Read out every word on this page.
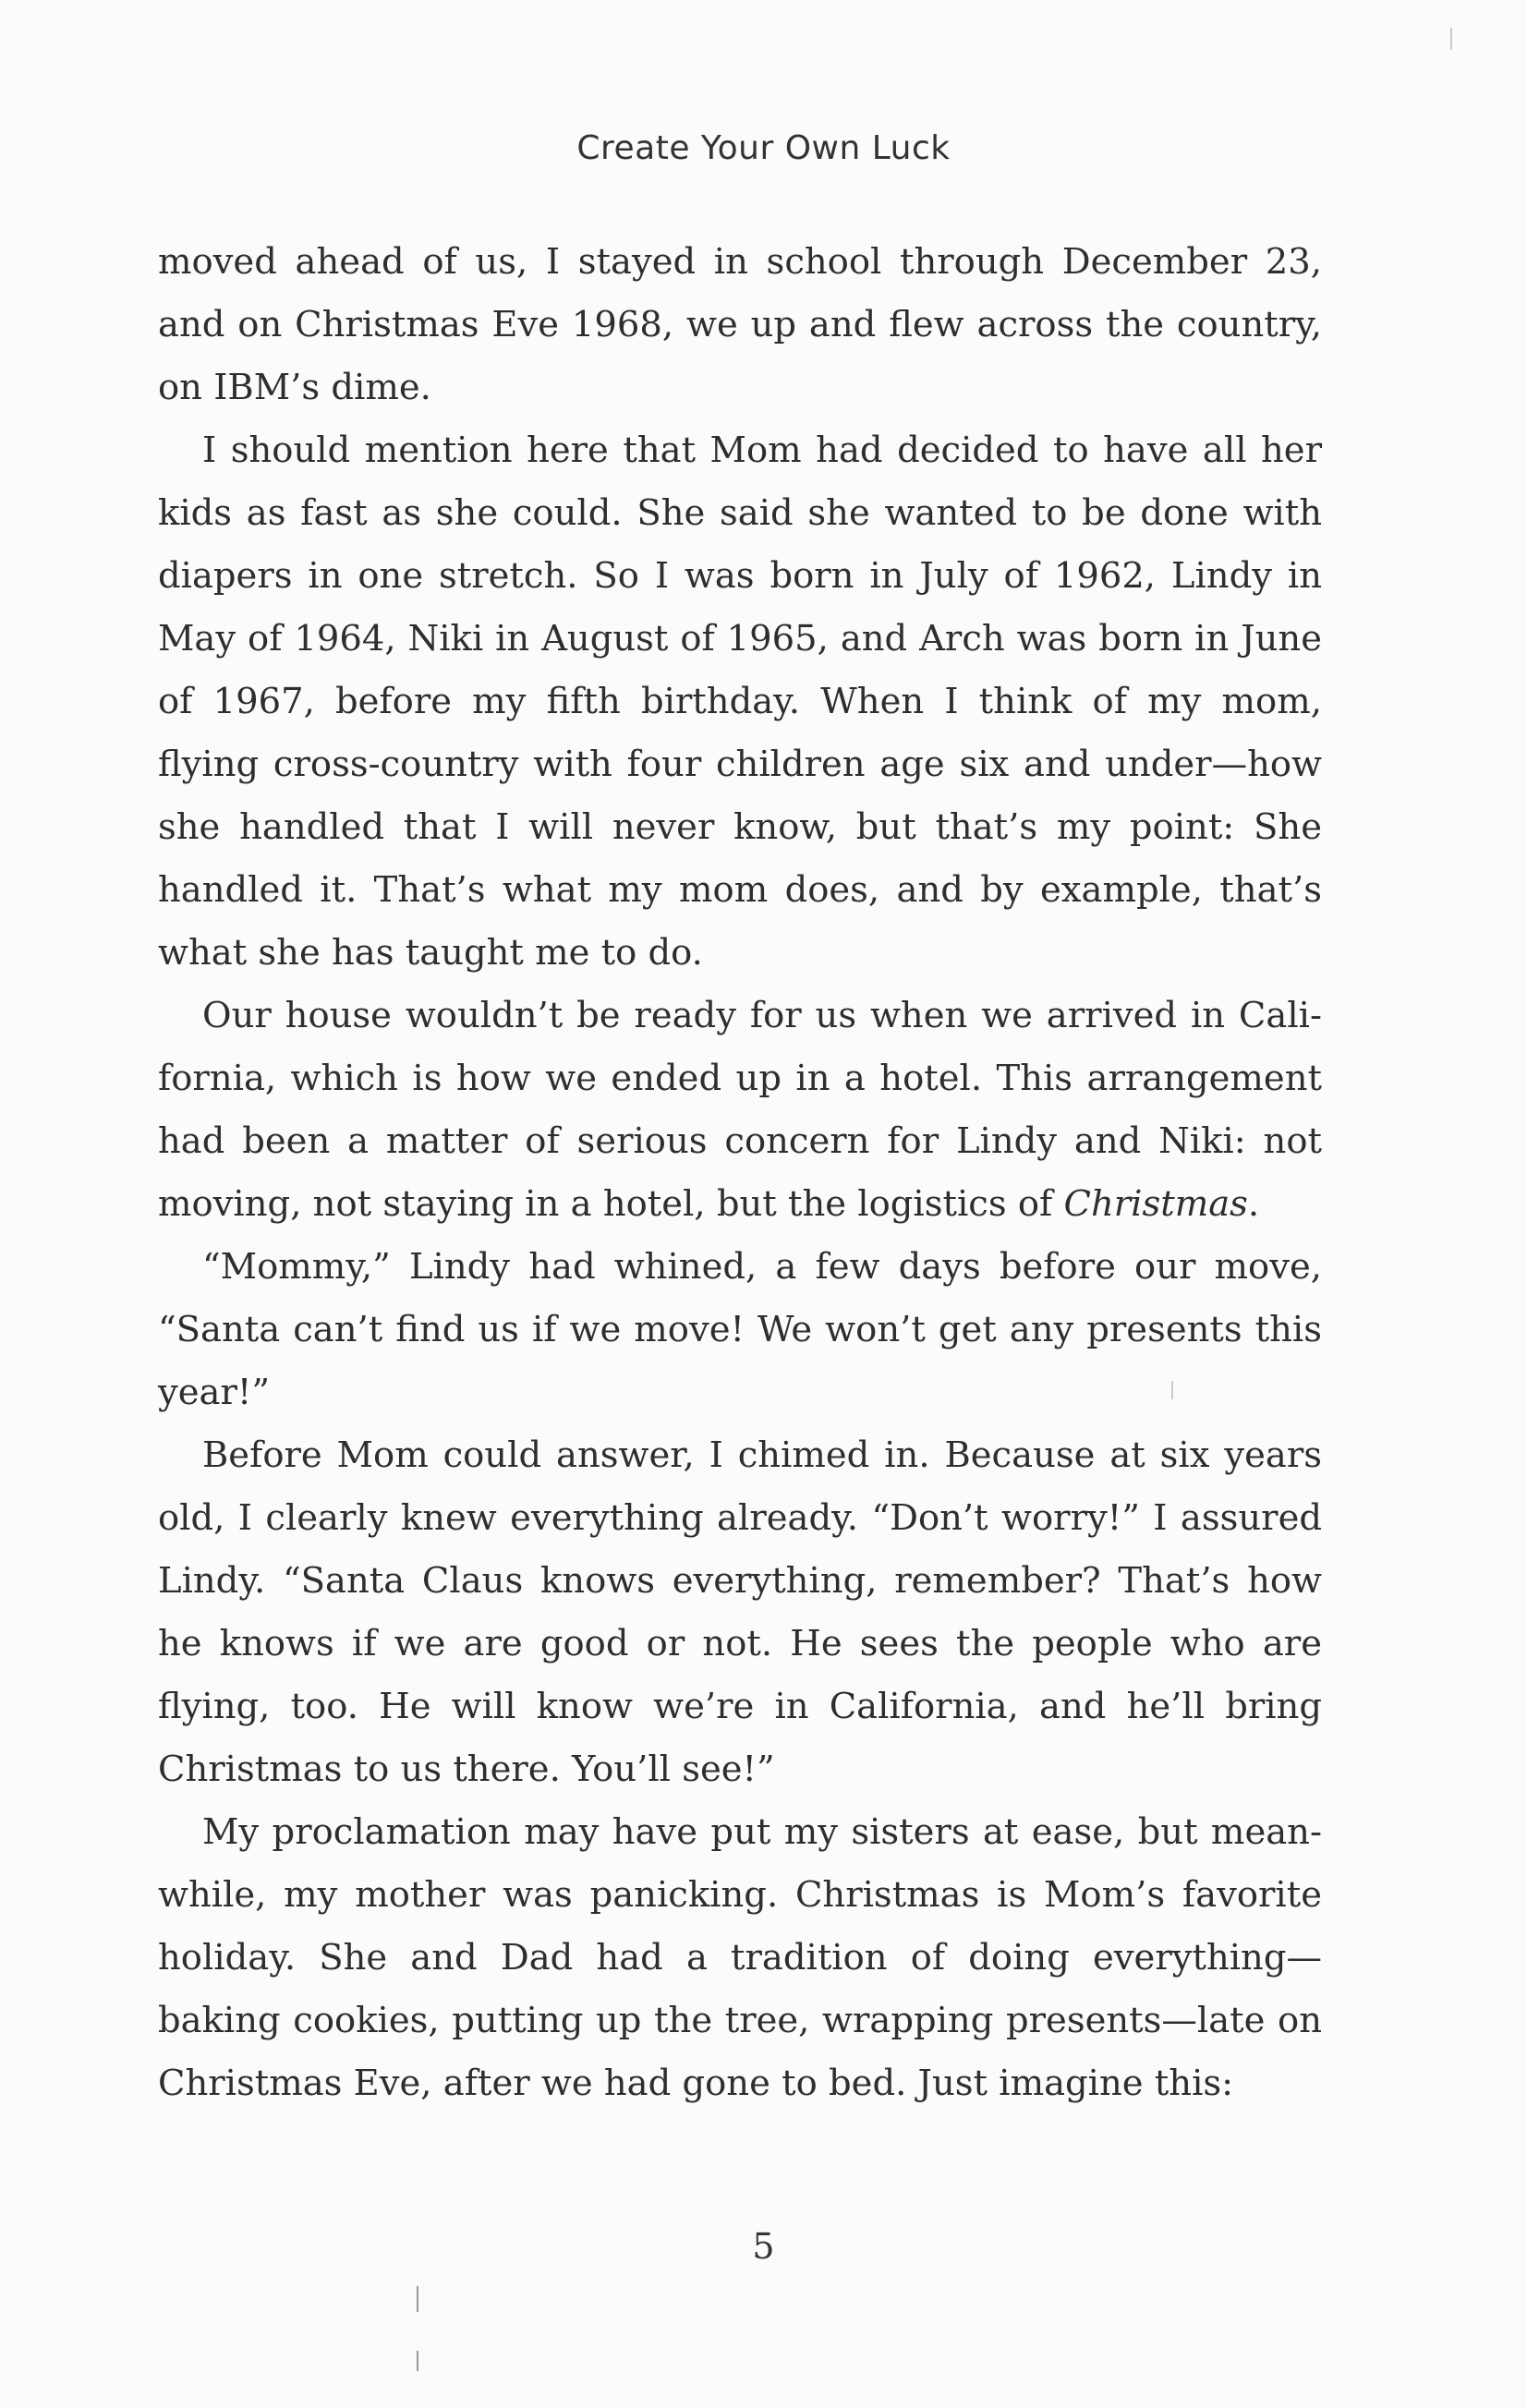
Create Your Own Luck

moved ahead of us, I stayed in school through December 23, and on Christmas Eve 1968, we up and flew across the country, on IBM’s dime.

I should mention here that Mom had decided to have all her kids as fast as she could. She said she wanted to be done with diapers in one stretch. So I was born in July of 1962, Lindy in May of 1964, Niki in August of 1965, and Arch was born in June of 1967, before my fifth birthday. When I think of my mom, flying cross-country with four children age six and under—how she handled that I will never know, but that’s my point: She handled it. That’s what my mom does, and by example, that’s what she has taught me to do.

Our house wouldn’t be ready for us when we arrived in California, which is how we ended up in a hotel. This arrangement had been a matter of serious concern for Lindy and Niki: not moving, not staying in a hotel, but the logistics of Christmas.

“Mommy,” Lindy had whined, a few days before our move, “Santa can’t find us if we move! We won’t get any presents this year!”

Before Mom could answer, I chimed in. Because at six years old, I clearly knew everything already. “Don’t worry!” I assured Lindy. “Santa Claus knows everything, remember? That’s how he knows if we are good or not. He sees the people who are flying, too. He will know we’re in California, and he’ll bring Christmas to us there. You’ll see!”

My proclamation may have put my sisters at ease, but meanwhile, my mother was panicking. Christmas is Mom’s favorite holiday. She and Dad had a tradition of doing everything—baking cookies, putting up the tree, wrapping presents—late on Christmas Eve, after we had gone to bed. Just imagine this:

5
